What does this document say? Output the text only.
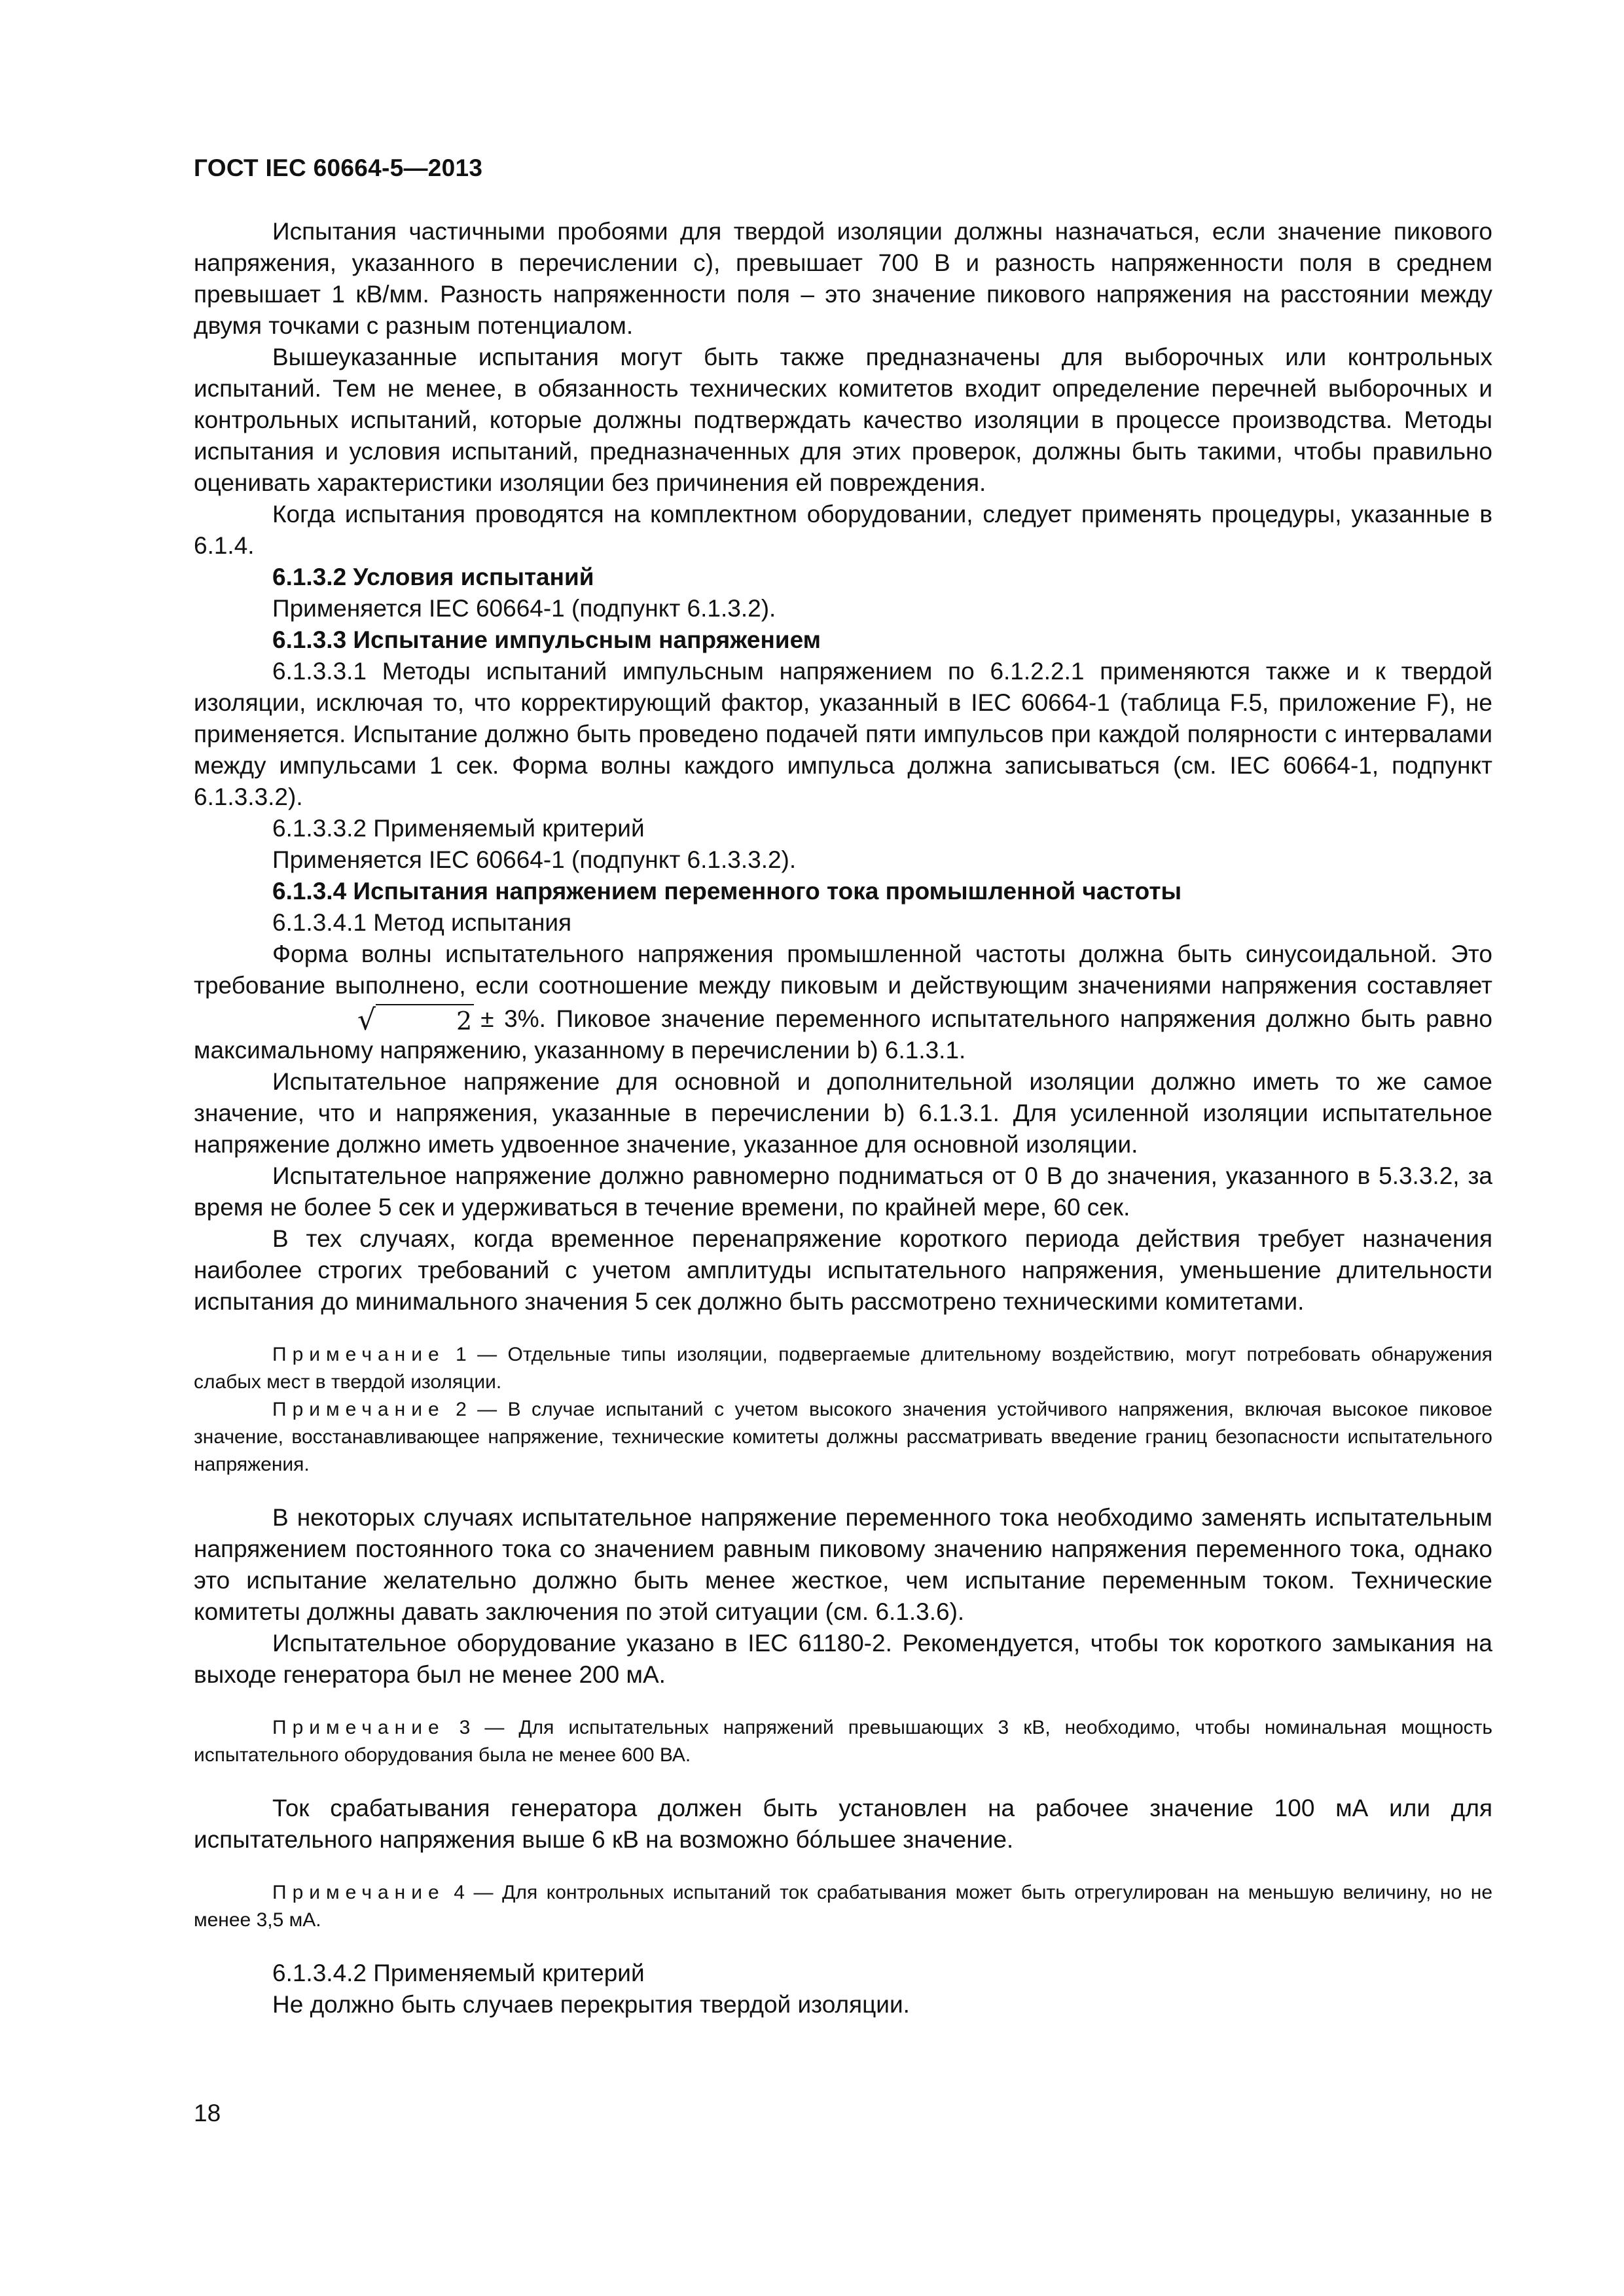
ГОСТ IEC 60664-5—2013

Испытания частичными пробоями для твердой изоляции должны назначаться, если значение пикового напряжения, указанного в перечислении с), превышает 700 В и разность напряженности поля в среднем превышает 1 кВ/мм. Разность напряженности поля – это значение пикового напряжения на расстоянии между двумя точками с разным потенциалом.

Вышеуказанные испытания могут быть также предназначены для выборочных или контрольных испытаний. Тем не менее, в обязанность технических комитетов входит определение перечней выборочных и контрольных испытаний, которые должны подтверждать качество изоляции в процессе производства. Методы испытания и условия испытаний, предназначенных для этих проверок, должны быть такими, чтобы правильно оценивать характеристики изоляции без причинения ей повреждения.

Когда испытания проводятся на комплектном оборудовании, следует применять процедуры, указанные в 6.1.4.

6.1.3.2 Условия испытаний

Применяется IEC 60664-1 (подпункт 6.1.3.2).

6.1.3.3 Испытание импульсным напряжением

6.1.3.3.1 Методы испытаний импульсным напряжением по 6.1.2.2.1 применяются также и к твердой изоляции, исключая то, что корректирующий фактор, указанный в IEC 60664-1 (таблица F.5, приложение F), не применяется. Испытание должно быть проведено подачей пяти импульсов при каждой полярности с интервалами между импульсами 1 сек. Форма волны каждого импульса должна записываться (см. IEC 60664-1, подпункт 6.1.3.3.2).

6.1.3.3.2 Применяемый критерий

Применяется IEC 60664-1 (подпункт 6.1.3.3.2).

6.1.3.4 Испытания напряжением переменного тока промышленной частоты

6.1.3.4.1 Метод испытания

Форма волны испытательного напряжения промышленной частоты должна быть синусоидальной. Это требование выполнено, если соотношение между пиковым и действующим значениями напряжения составляет√	2 ± 3%. Пиковое значение переменного испытательного напряжения должно быть равно максимальному напряжению, указанному в перечислении b) 6.1.3.1.

Испытательное напряжение для основной и дополнительной изоляции должно иметь то же самое значение, что и напряжения, указанные в перечислении b) 6.1.3.1. Для усиленной изоляции испытательное напряжение должно иметь удвоенное значение, указанное для основной изоляции.

Испытательное напряжение должно равномерно подниматься от 0 В до значения, указанного в 5.3.3.2, за время не более 5 сек и удерживаться в течение времени, по крайней мере, 60 сек.

В тех случаях, когда временное перенапряжение короткого периода действия требует назначения наиболее строгих требований с учетом амплитуды испытательного напряжения, уменьшение длительности испытания до минимального значения 5 сек должно быть рассмотрено техническими комитетами.

Примечание 1 — Отдельные типы изоляции, подвергаемые длительному воздействию, могут потребовать обнаружения слабых мест в твердой изоляции.

Примечание 2 — В случае испытаний с учетом высокого значения устойчивого напряжения, включая высокое пиковое значение, восстанавливающее напряжение, технические комитеты должны рассматривать введение границ безопасности испытательного напряжения.

В некоторых случаях испытательное напряжение переменного тока необходимо заменять испытательным напряжением постоянного тока со значением равным пиковому значению напряжения переменного тока, однако это испытание желательно должно быть менее жесткое, чем испытание переменным током. Технические комитеты должны давать заключения по этой ситуации (см. 6.1.3.6).

Испытательное оборудование указано в IEC 61180-2. Рекомендуется, чтобы ток короткого замыкания на выходе генератора был не менее 200 мА.

Примечание 3 — Для испытательных напряжений превышающих 3 кВ, необходимо, чтобы номинальная мощность испытательного оборудования была не менее 600 ВА.

Ток срабатывания генератора должен быть установлен на рабочее значение 100 мА или для испытательного напряжения выше 6 кВ на возможно бóльшее значение.

Примечание 4 — Для контрольных испытаний ток срабатывания может быть отрегулирован на меньшую величину, но не менее 3,5 мА.

6.1.3.4.2 Применяемый критерий

Не должно быть случаев перекрытия твердой изоляции.

18
